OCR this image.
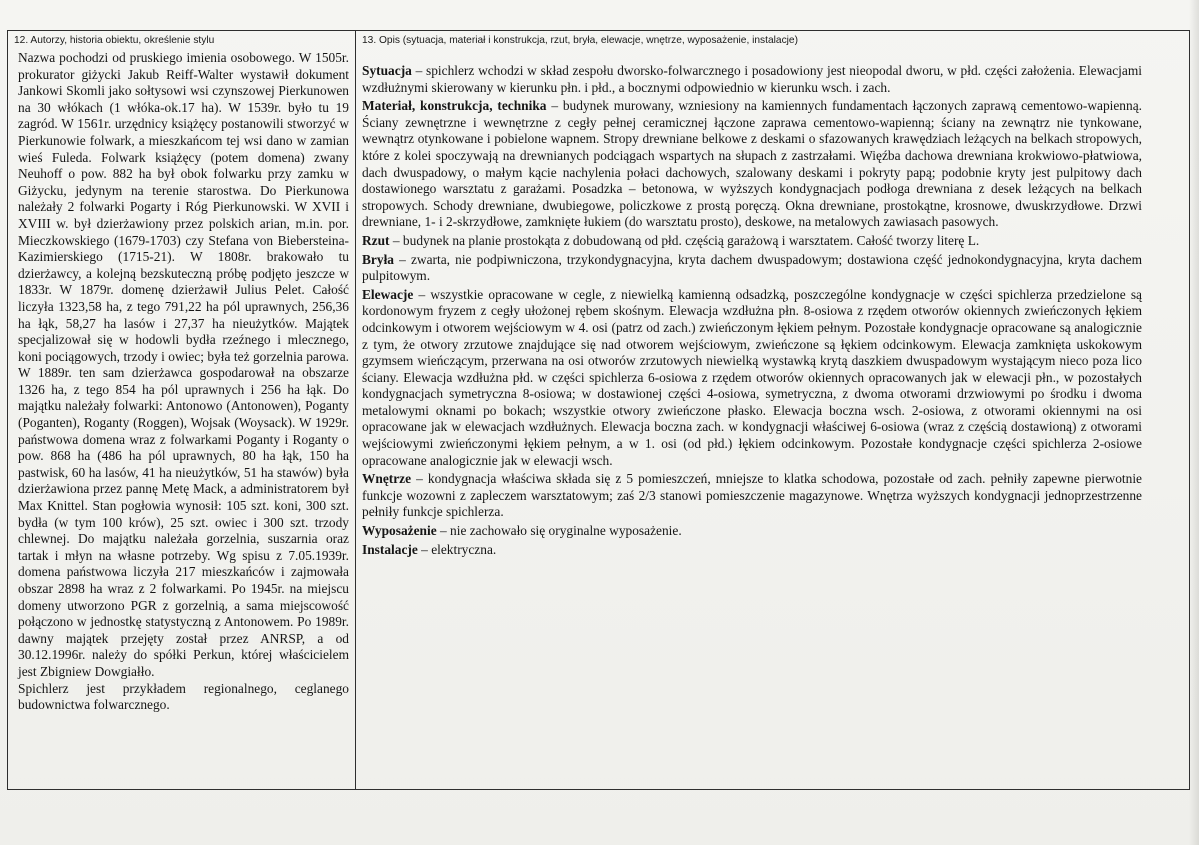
12. Autorzy, historia obiektu, określenie stylu	13. Opis (sytuacja, materiał i konstrukcja, rzut, bryła, elewacje, wnętrze, wyposażenie, instalacje)

Nazwa pochodzi od pruskiego imienia osobowego. W 1505r. prokurator giżycki Jakub Reiff-Walter wystawił dokument Jankowi Skomli jako sołtysowi wsi czynszowej Pierkunowen na 30 włókach (1 włóka-ok.17 ha). W 1539r. było tu 19 zagród. W 1561r. urzędnicy książęcy postanowili stworzyć w Pierkunowie folwark, a mieszkańcom tej wsi dano w zamian wieś Fuleda. Folwark książęcy (potem domena) zwany Neuhoff o pow. 882 ha był obok folwarku przy zamku w Giżycku, jedynym na terenie starostwa. Do Pierkunowa należały 2 folwarki Pogarty i Róg Pierkunowski. W XVII i XVIII w. był dzierżawiony przez polskich arian, m.in. por. Mieczkowskiego (1679-1703) czy Stefana von Biebersteina-Kazimierskiego (1715-21). W 1808r. brakowało tu dzierżawcy, a kolejną bezskuteczną próbę podjęto jeszcze w 1833r. W 1879r. domenę dzierżawił Julius Pelet. Całość liczyła 1323,58 ha, z tego 791,22 ha pól uprawnych, 256,36 ha łąk, 58,27 ha lasów i 27,37 ha nieużytków. Majątek specjalizował się w hodowli bydła rzeźnego i mlecznego, koni pociągowych, trzody i owiec; była też gorzelnia parowa. W 1889r. ten sam dzierżawca gospodarował na obszarze 1326 ha, z tego 854 ha pól uprawnych i 256 ha łąk. Do majątku należały folwarki: Antonowo (Antonowen), Poganty (Poganten), Roganty (Roggen), Wojsak (Woysack). W 1929r. państwowa domena wraz z folwarkami Poganty i Roganty o pow. 868 ha (486 ha pól uprawnych, 80 ha łąk, 150 ha pastwisk, 60 ha lasów, 41 ha nieużytków, 51 ha stawów) była dzierżawiona przez pannę Metę Mack, a administratorem był Max Knittel. Stan pogłowia wynosił: 105 szt. koni, 300 szt. bydła (w tym 100 krów), 25 szt. owiec i 300 szt. trzody chlewnej. Do majątku należała gorzelnia, suszarnia oraz tartak i młyn na własne potrzeby. Wg spisu z 7.05.1939r. domena państwowa liczyła 217 mieszkańców i zajmowała obszar 2898 ha wraz z 2 folwarkami. Po 1945r. na miejscu domeny utworzono PGR z gorzelnią, a sama miejscowość połączono w jednostkę statystyczną z Antonowem. Po 1989r. dawny majątek przejęty został przez ANRSP, a od 30.12.1996r. należy do spółki Perkun, której właścicielem jest Zbigniew Dowgiałło.

Spichlerz jest przykładem regionalnego, ceglanego budownictwa folwarcznego.

Sytuacja – spichlerz wchodzi w skład zespołu dworsko-folwarcznego i posadowiony jest nieopodal dworu, w płd. części założenia. Elewacjami wzdłużnymi skierowany w kierunku płn. i płd., a bocznymi odpowiednio w kierunku wsch. i zach.

Materiał, konstrukcja, technika – budynek murowany, wzniesiony na kamiennych fundamentach łączonych zaprawą cementowo-wapienną. Ściany zewnętrzne i wewnętrzne z cegły pełnej ceramicznej łączone zaprawa cementowo-wapienną; ściany na zewnątrz nie tynkowane, wewnątrz otynkowane i pobielone wapnem. Stropy drewniane belkowe z deskami o sfazowanych krawędziach leżących na belkach stropowych, które z kolei spoczywają na drewnianych podciągach wspartych na słupach z zastrzałami. Więźba dachowa drewniana krokwiowo-płatwiowa, dach dwuspadowy, o małym kącie nachylenia połaci dachowych, szalowany deskami i pokryty papą; podobnie kryty jest pulpitowy dach dostawionego warsztatu z garażami. Posadzka – betonowa, w wyższych kondygnacjach podłoga drewniana z desek leżących na belkach stropowych. Schody drewniane, dwubiegowe, policzkowe z prostą poręczą. Okna drewniane, prostokątne, krosnowe, dwuskrzydłowe. Drzwi drewniane, 1- i 2-skrzydłowe, zamknięte łukiem (do warsztatu prosto), deskowe, na metalowych zawiasach pasowych.

Rzut – budynek na planie prostokąta z dobudowaną od płd. częścią garażową i warsztatem. Całość tworzy literę L.

Bryła – zwarta, nie podpiwniczona, trzykondygnacyjna, kryta dachem dwuspadowym; dostawiona część jednokondygnacyjna, kryta dachem pulpitowym.

Elewacje – wszystkie opracowane w cegle, z niewielką kamienną odsadzką, poszczególne kondygnacje w części spichlerza przedzielone są kordonowym fryzem z cegły ułożonej rębem skośnym. Elewacja wzdłużna płn. 8-osiowa z rzędem otworów okiennych zwieńczonych łękiem odcinkowym i otworem wejściowym w 4. osi (patrz od zach.) zwieńczonym łękiem pełnym. Pozostałe kondygnacje opracowane są analogicznie z tym, że otwory zrzutowe znajdujące się nad otworem wejściowym, zwieńczone są łękiem odcinkowym. Elewacja zamknięta uskokowym gzymsem wieńczącym, przerwana na osi otworów zrzutowych niewielką wystawką krytą daszkiem dwuspadowym wystającym nieco poza lico ściany. Elewacja wzdłużna płd. w części spichlerza 6-osiowa z rzędem otworów okiennych opracowanych jak w elewacji płn., w pozostałych kondygnacjach symetryczna 8-osiowa; w dostawionej części 4-osiowa, symetryczna, z dwoma otworami drzwiowymi po środku i dwoma metalowymi oknami po bokach; wszystkie otwory zwieńczone płasko. Elewacja boczna wsch. 2-osiowa, z otworami okiennymi na osi opracowane jak w elewacjach wzdłużnych. Elewacja boczna zach. w kondygnacji właściwej 6-osiowa (wraz z częścią dostawioną) z otworami wejściowymi zwieńczonymi łękiem pełnym, a w 1. osi (od płd.) łękiem odcinkowym. Pozostałe kondygnacje części spichlerza 2-osiowe opracowane analogicznie jak w elewacji wsch.

Wnętrze – kondygnacja właściwa składa się z 5 pomieszczeń, mniejsze to klatka schodowa, pozostałe od zach. pełniły zapewne pierwotnie funkcje wozowni z zapleczem warsztatowym; zaś 2/3 stanowi pomieszczenie magazynowe. Wnętrza wyższych kondygnacji jednoprzestrzenne pełniły funkcje spichlerza.

Wyposażenie – nie zachowało się oryginalne wyposażenie.

Instalacje – elektryczna.
